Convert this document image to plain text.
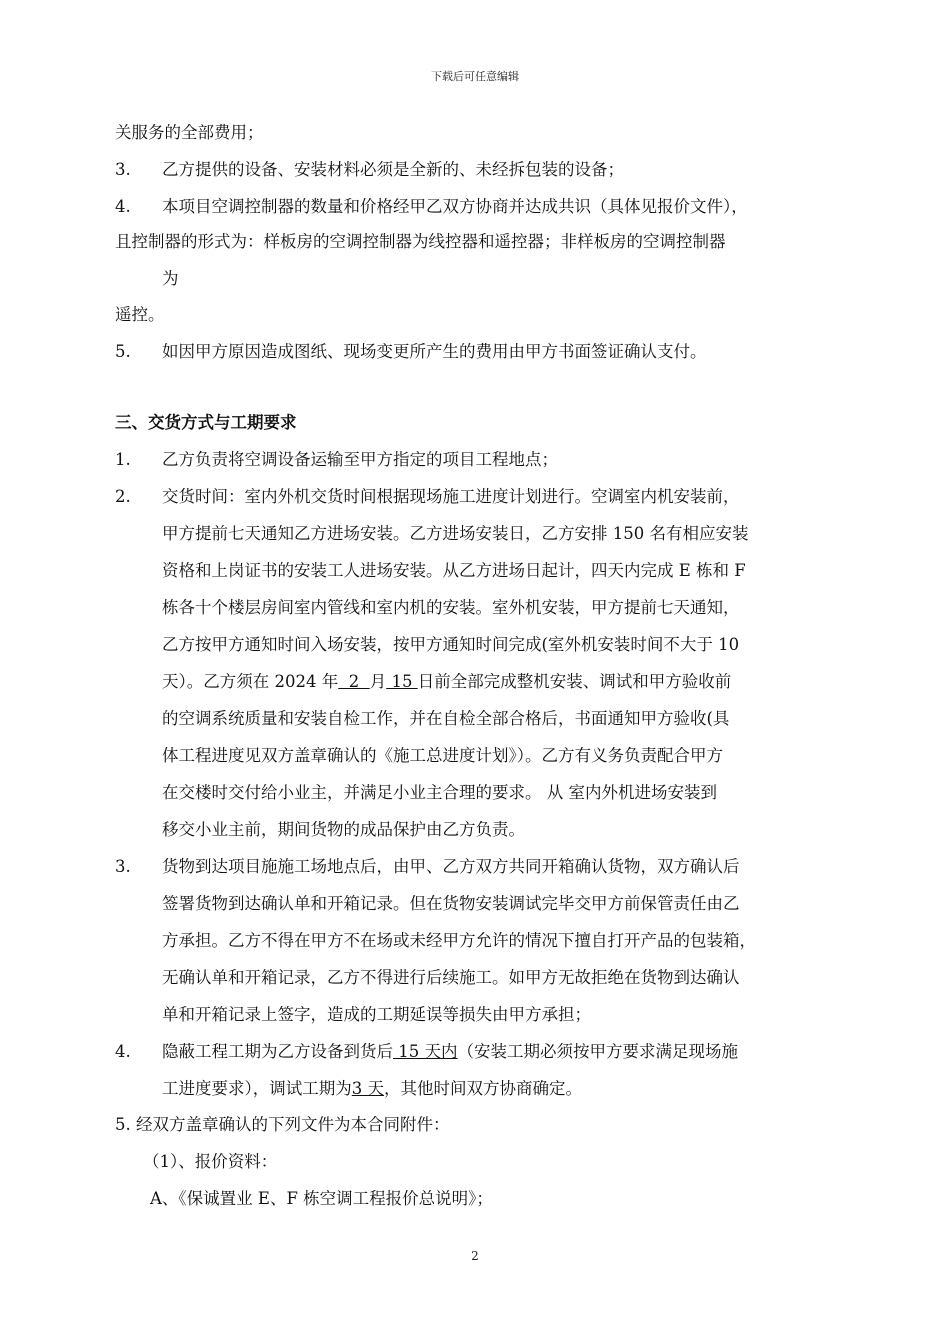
下载后可任意编辑
关服务的全部费用；
3. 乙方提供的设备、安装材料必须是全新的、未经拆包装的设备；
4. 本项目空调控制器的数量和价格经甲乙双方协商并达成共识（具体见报价文件），
且控制器的形式为：样板房的空调控制器为线控器和遥控器；非样板房的空调控制器
为
遥控。
5. 如因甲方原因造成图纸、现场变更所产生的费用由甲方书面签证确认支付。
三、交货方式与工期要求
1. 乙方负责将空调设备运输至甲方指定的项目工程地点；
2. 交货时间：室内外机交货时间根据现场施工进度计划进行。空调室内机安装前，
甲方提前七天通知乙方进场安装。乙方进场安装日，乙方安排 150 名有相应安装
资格和上岗证书的安装工人进场安装。从乙方进场日起计，四天内完成 E 栋和 F
栋各十个楼层房间室内管线和室内机的安装。室外机安装，甲方提前七天通知，
乙方按甲方通知时间入场安装，按甲方通知时间完成(室外机安装时间不大于 10
天）。乙方须在 2024 年  2  月 15 日前全部完成整机安装、调试和甲方验收前
的空调系统质量和安装自检工作，并在自检全部合格后，书面通知甲方验收(具
体工程进度见双方盖章确认的《施工总进度计划》）。乙方有义务负责配合甲方
在交楼时交付给小业主，并满足小业主合理的要求。 从 室内外机进场安装到
移交小业主前，期间货物的成品保护由乙方负责。
3. 货物到达项目施施工场地点后，由甲、乙方双方共同开箱确认货物，双方确认后
签署货物到达确认单和开箱记录。但在货物安装调试完毕交甲方前保管责任由乙
方承担。乙方不得在甲方不在场或未经甲方允许的情况下擅自打开产品的包装箱，
无确认单和开箱记录，乙方不得进行后续施工。如甲方无故拒绝在货物到达确认
单和开箱记录上签字，造成的工期延误等损失由甲方承担；
4. 隐蔽工程工期为乙方设备到货后 15 天内（安装工期必须按甲方要求满足现场施
工进度要求），调试工期为3 天，其他时间双方协商确定。
5. 经双方盖章确认的下列文件为本合同附件：
（1）、报价资料：
A、《保诚置业 E、F 栋空调工程报价总说明》；
2
